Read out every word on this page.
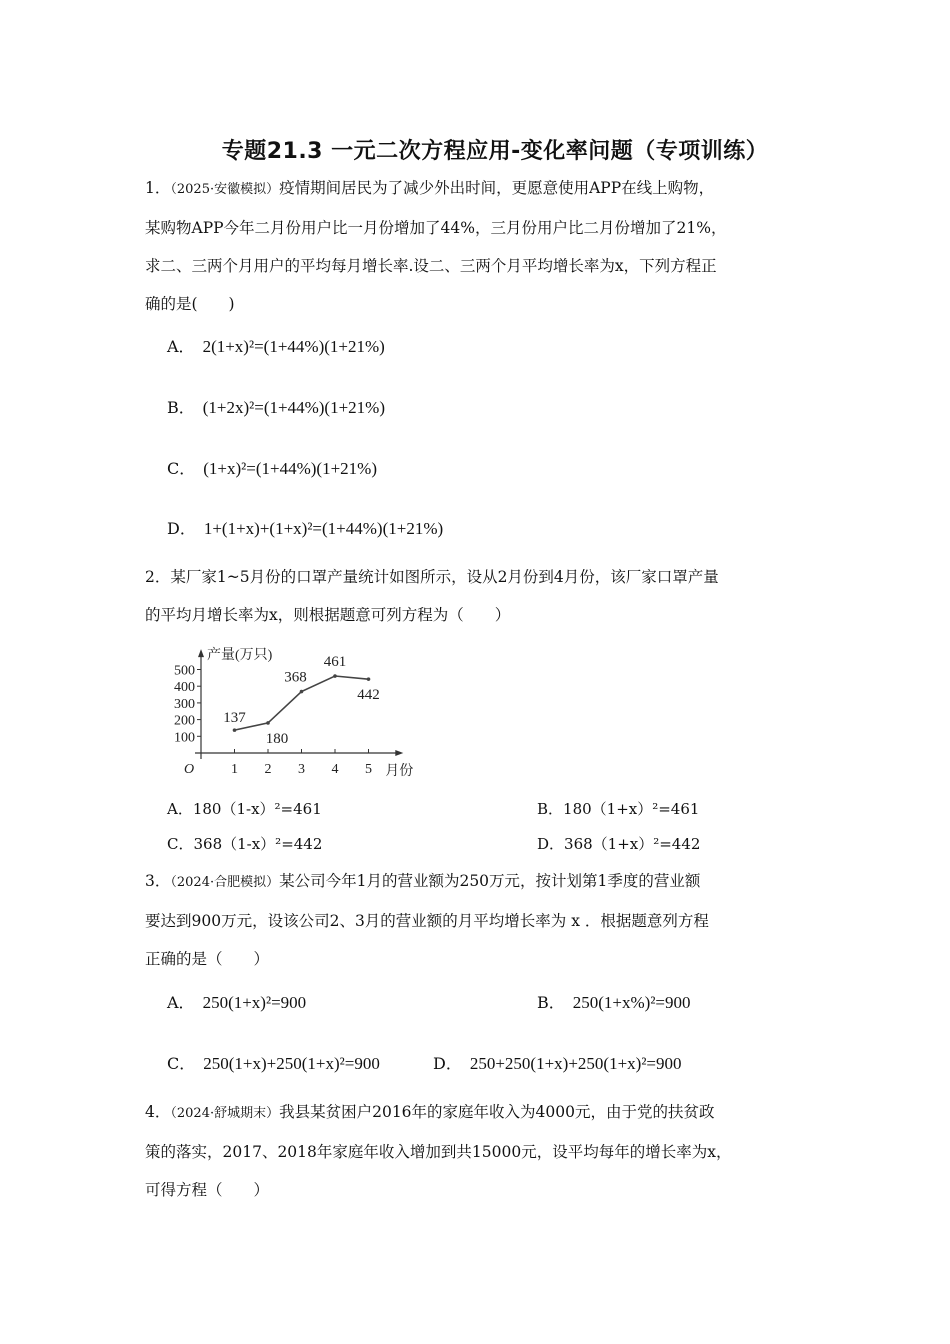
专题21.3 一元二次方程应用-变化率问题（专项训练）
1．（2025·安徽模拟）疫情期间居民为了减少外出时间，更愿意使用APP在线上购物，
某购物APP今年二月份用户比一月份增加了44%，三月份用户比二月份增加了21%，
求二、三两个月用户的平均每月增长率.设二、三两个月平均增长率为x，下列方程正
确的是(　　)
A． 2(1+x)²=(1+44%)(1+21%)
B． (1+2x)²=(1+44%)(1+21%)
C． (1+x)²=(1+44%)(1+21%)
D． 1+(1+x)+(1+x)²=(1+44%)(1+21%)
2．某厂家1~5月份的口罩产量统计如图所示，设从2月份到4月份，该厂家口罩产量
的平均月增长率为x，则根据题意可列方程为（　　）
产量(万只)
月份
O
100
200
300
400
500
1 2 3 4 5
137
180
368
461
442
A．180（1-x）²=461	B．180（1+x）²=461
C．368（1-x）²=442	D．368（1+x）²=442
3．（2024·合肥模拟）某公司今年1月的营业额为250万元，按计划第1季度的营业额
要达到900万元，设该公司2、3月的营业额的月平均增长率为 x ．根据题意列方程
正确的是（　　）
A． 250(1+x)²=900	B． 250(1+x%)²=900
C． 250(1+x)+250(1+x)²=900	D． 250+250(1+x)+250(1+x)²=900
4．（2024·舒城期末）我县某贫困户2016年的家庭年收入为4000元，由于党的扶贫政
策的落实，2017、2018年家庭年收入增加到共15000元，设平均每年的增长率为x，
可得方程（　　）
